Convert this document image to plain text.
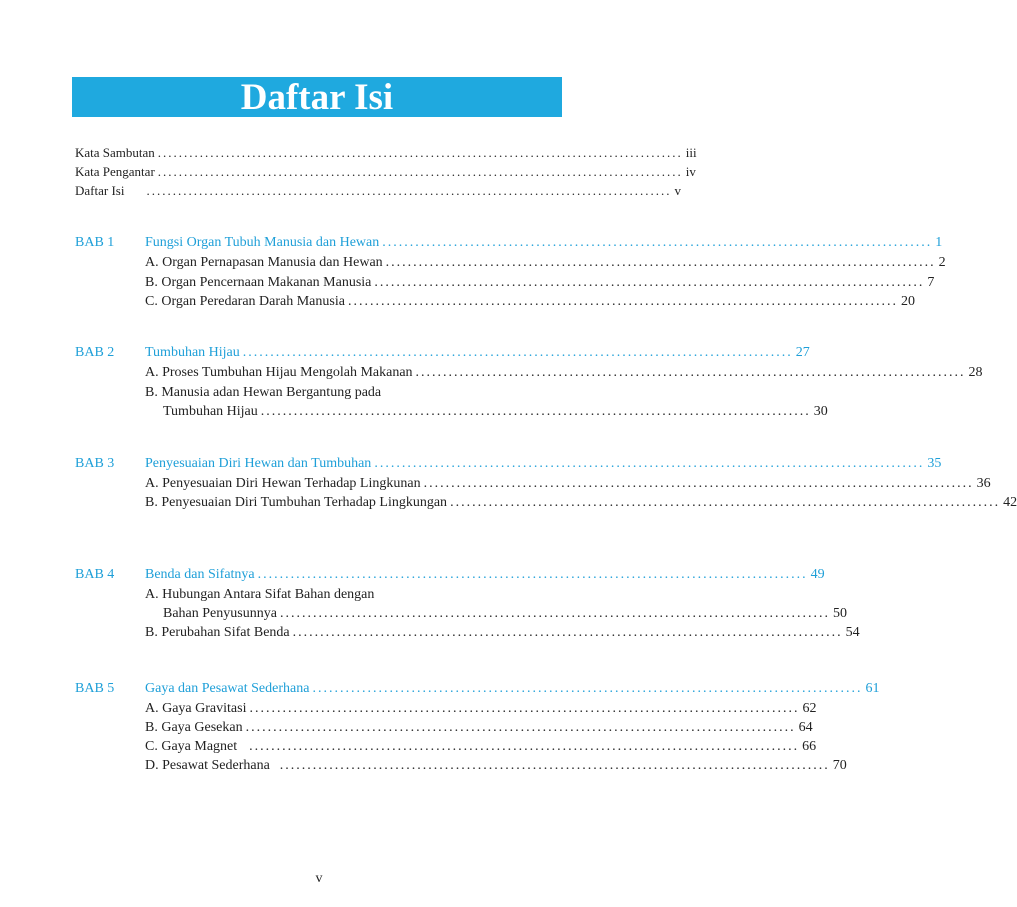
Daftar Isi
Kata Sambutan .................................................................................................... iii
Kata Pengantar .................................................................................................... iv
Daftar Isi .................................................................................................... v
BAB 1 Fungsi Organ Tubuh Manusia dan Hewan .................................................................................................... 1
A. Organ Pernapasan Manusia dan Hewan .................................................................................................... 2
B. Organ Pencernaan Makanan Manusia .................................................................................................... 7
C. Organ Peredaran Darah Manusia .................................................................................................... 20
BAB 2 Tumbuhan Hijau .................................................................................................... 27
A. Proses Tumbuhan Hijau Mengolah Makanan .................................................................................................... 28
B. Manusia adan Hewan Bergantung pada
Tumbuhan Hijau .................................................................................................... 30
BAB 3 Penyesuaian Diri Hewan dan Tumbuhan .................................................................................................... 35
A. Penyesuaian Diri Hewan Terhadap Lingkunan .................................................................................................... 36
B. Penyesuaian Diri Tumbuhan Terhadap Lingkungan .................................................................................................... 42
BAB 4 Benda dan Sifatnya .................................................................................................... 49
A. Hubungan Antara Sifat Bahan dengan
Bahan Penyusunnya .................................................................................................... 50
B. Perubahan Sifat Benda .................................................................................................... 54
BAB 5 Gaya dan Pesawat Sederhana .................................................................................................... 61
A. Gaya Gravitasi .................................................................................................... 62
B. Gaya Gesekan .................................................................................................... 64
C. Gaya Magnet .................................................................................................... 66
D. Pesawat Sederhana .................................................................................................... 70
v
